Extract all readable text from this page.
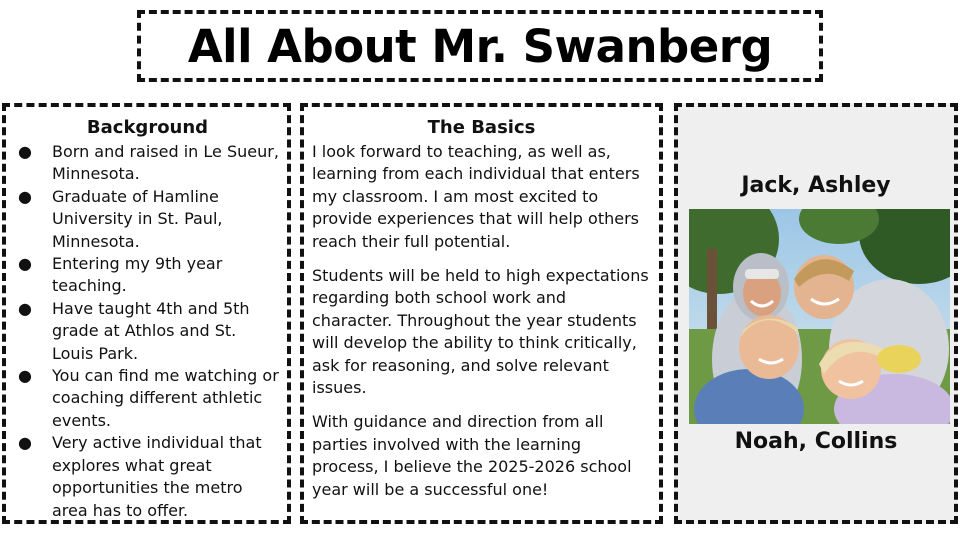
All About Mr. Swanberg
Background
● Born and raised in Le Sueur, Minnesota.
● Graduate of Hamline University in St. Paul, Minnesota.
● Entering my 9th year teaching.
● Have taught 4th and 5th grade at Athlos and St. Louis Park.
● You can find me watching or coaching different athletic events.
● Very active individual that explores what great opportunities the metro area has to offer.
The Basics

I look forward to teaching, as well as, learning from each individual that enters my classroom. I am most excited to provide experiences that will help others reach their full potential.

Students will be held to high expectations regarding both school work and character. Throughout the year students will develop the ability to think critically, ask for reasoning, and solve relevant issues.

With guidance and direction from all parties involved with the learning process, I believe the 2025-2026 school year will be a successful one!

Jack, Ashley
Noah, Collins
